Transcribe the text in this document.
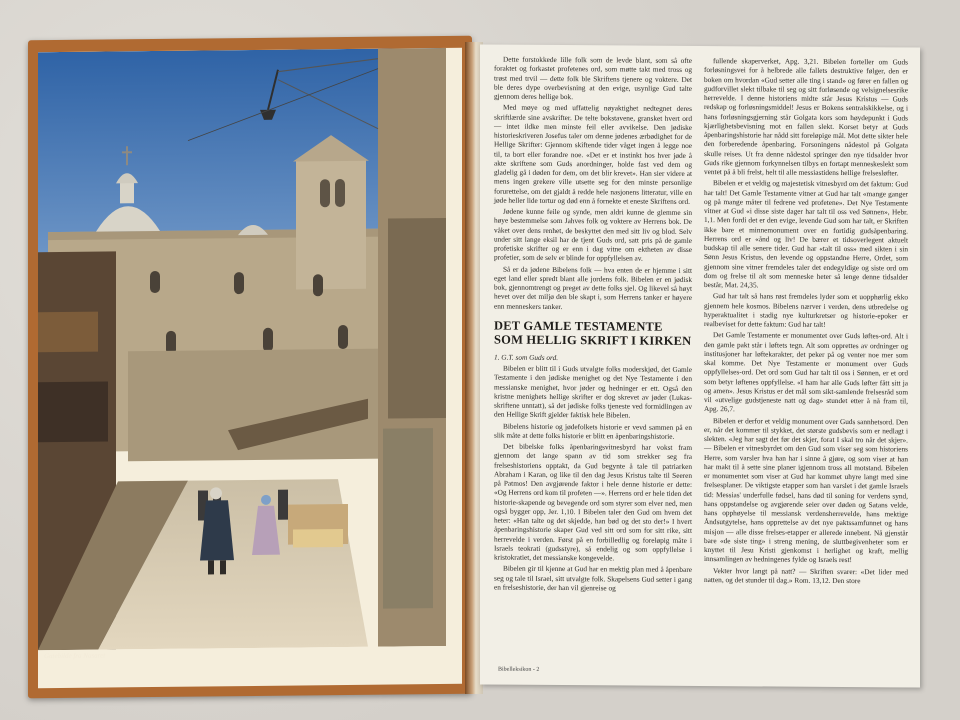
Gatebilde fra Nasaret

Dette forstokkede lille folk som de levde blant, som så ofte foraktet og forkastet profetenes ord, som møtte takt med tross og trøst med trvil — dette folk ble Skriftens tjenere og voktere. Det ble deres dype overbevisning at den evige, usynlige Gud talte gjennom deres hellige bok.

Med møye og med uffattelig nøyaktighet nedtegnet deres skriftlærde sine avskrifter. De telte bokstavene, gransket hvert ord — intet ildke men minste feil eller avvikelse. Den jødiske historieskriveren Josefus taler om denne jødenes ærbødighet for de Hellige Skrifter: Gjennom skiftende tider våget ingen å legge noe til, ta bort eller forandre noe. «Det er et instinkt hos hver jøde å akte skriftene som Guds anordninger, holde fast ved dem og gladelig gå i døden for dem, om det blir krevet». Han sier videre at mens ingen grekere ville utsette seg for den minste personlige forurettelse, om det gjaldt å redde hele nasjonens litteratur, ville en jøde heller lide tortur og død enn å fornekte et eneste Skriftens ord.

Jødene kunne feile og synde, men aldri kunne de glemme sin høye bestemmelse som Jahves folk og voktere av Herrens bok. De våket over dens renhet, de beskyttet den med sitt liv og blod. Selv under sitt lange eksil har de tjent Guds ord, satt pris på de gamle profetiske skrifter og er enn i dag vitne om ektheten av disse profetier, som de selv er blinde for oppfyllelsen av.

Så er da jødene Bibelens folk — hva enten de er hjemme i sitt eget land eller spredt blant alle jordens folk. Bibelen er en jødisk bok, gjennomtrengt og preget av dette folks sjel. Og likevel så høyt hevet over det miljø den ble skapt i, som Herrens tanker er høyere enn menneskers tanker.

DET GAMLE TESTAMENTE SOM HELLIG SKRIFT I KIRKEN

1. G.T. som Guds ord.

Bibelen er blitt til i Guds utvalgte folks moderskjød, det Gamle Testamente i den jødiske menighet og det Nye Testamente i den messianske menighet, hvor jøder og hedninger er ett. Også den kristne menighets hellige skrifter er dog skrevet av jøder (Lukas-skriftene unntatt), så det jødiske folks tjeneste ved formidlingen av den Hellige Skrift gjelder faktisk hele Bibelen.

Bibelens historie og jødefolkets historie er vevd sammen på en slik måte at dette folks historie er blitt en åpenbaringshistorie.

Det bibelske folks åpenbaringsvitnesbyrd har vokst fram gjennom det lange spann av tid som strekker seg fra frelseshistoriens opptakt, da Gud begynte å tale til patriarken Abraham i Karan, og like til den dag Jesus Kristus talte til Seeren på Patmos! Den avgjørende faktor i hele denne historie er dette: «Og Herrens ord kom til profeten —». Herrens ord er hele tiden det historie-skapende og bevegende ord som styrer som elver ned, men også bygger opp, Jer. 1,10. I Bibelen taler den Gud om hvem det heter: «Han talte og det skjedde, han bød og det sto der!» I hvert åpenbaringshistorie skaper Gud ved sitt ord som for sitt rike, sitt herrevelde i verden. Først på en forbilledlig og foreløpig måte i Israels teokrati (gudsstyre), så endelig og som oppfyllelse i kristokratiet, det messianske kongevelde.

Bibelen gir til kjenne at Gud har en mektig plan med å åpenbare seg og tale til Israel, sitt utvalgte folk. Skapelsens Gud setter i gang en frelseshistorie, der han vil gjenreise og

fullende skaperverket, Apg. 3,21. Bibelen forteller om Guds forløsningsvei for å helbrede alle fallets destruktive følger, den er boken om hvordan «Gud setter alle ting i stand» og fører en fallen og gudforvillet slekt tilbake til seg og sitt forløsende og velsignelsesrike herrevelde. I denne historiens midte står Jesus Kristus — Guds redskap og forløsningsmiddel! Jesus er Bokens sentralskikkelse, og i hans forløsningsgjerning står Golgata kors som høydepunkt i Guds kjærlighetsbevisning mot en fallen slekt. Korset betyr at Guds åpenbaringshistorie har nådd sitt foreløpige mål. Mot dette sikter hele den forberedende åpenbaring. Forsoningens nådestol på Golgata skulle reises. Ut fra denne nådestol springer den nye tidsalder hvor Guds rike gjennom forkynnelsen tilbys en fortapt menneskeslekt som ventet på å bli frelst, helt til alle messiastidens hellige frelsesløfter.

Bibelen er et veldig og majestetisk vitnesbyrd om det faktum: Gud har talt! Det Gamle Testamente vitner at Gud har talt «mange ganger og på mange måter til fedrene ved profetene». Det Nye Testamente vitner at Gud «i disse siste dager har talt til oss ved Sønnen», Hebr. 1,1. Men fordi det er den evige, levende Gud som har talt, er Skriften ikke bare et minnemonument over en fortidig gudsåpenbaring. Herrens ord er «ånd og liv! De bærer et tidsoverlegent aktuelt budskap til alle senere tider. Gud har «talt til oss» med sikten i sin Sønn Jesus Kristus, den levende og oppstandne Herre, Ordet, som gjennom sine vitner fremdeles taler det endegyldige og siste ord om dom og frelse til alt som menneske heter så lenge denne tidsalder består, Mat. 24,35.

Gud har talt så hans røst fremdeles lyder som et uopphørlig ekko gjennem hele kosmos. Bibelens nærver i verden, dens utbredelse og hyperaktualitet i stadig nye kulturkretser og historie-epoker er realbeviset for dette faktum: Gud har talt!

Det Gamle Testamente er monumentet over Guds løftes-ord. Alt i den gamle pakt står i løftets tegn. Alt som opprettes av ordninger og institusjoner har løftekarakter, det peker på og venter noe mer som skal komme. Det Nye Testamente er monument over Guds oppfyllelses-ord. Det ord som Gud har talt til oss i Sønnen, er et ord som betyr løftenes oppfyllelse. «I ham har alle Guds løfter fått sitt ja og amen». Jesus Kristus er det mål som sikt-samlende frelsesråd som vil «utvelige gudstjeneste natt og dag» stundet etter å nå fram til, Apg. 26,7.

Bibelen er derfor et veldig monument over Guds sannhetsord. Den er, når det kommer til stykket, det største gudsbevis som er nedlagt i slekten. «Jeg har sagt det før det skjer, forat I skal tro når det skjer». — Bibelen er vitnesbyrdet om den Gud som viser seg som historiens Herre, som varsler hva han har i sinne å gjøre, og som viser at han har makt til å sette sine planer igjennom tross all motstand. Bibelen er monumentet som viser at Gud har kommet uhyre langt med sine frelsesplaner. De viktigste etapper som han varslet i det gamle Israels tid: Messias' underfulle fødsel, hans død til soning for verdens synd, hans oppstandelse og avgjørende seier over døden og Satans velde, hans opphøyelse til messiansk verdensherrevelde, hans mektige Åndsutgytelse, hans opprettelse av det nye paktssamfunnet og hans misjon — alle disse frelses-etapper er allerede innebent. Nå gjenstår bare «de siste ting» i streng mening, de sluttbegivenheter som er knyttet til Jesu Kristi gjenkomst i herlighet og kraft, mellig innsamlingen av hedningenes fylde og Israels rest!

Vekter hvor langt på natt? — Skriften svarer: «Det lider med natten, og det stunder til dag.» Rom. 13,12. Den store

Bibelleksikon - 2
